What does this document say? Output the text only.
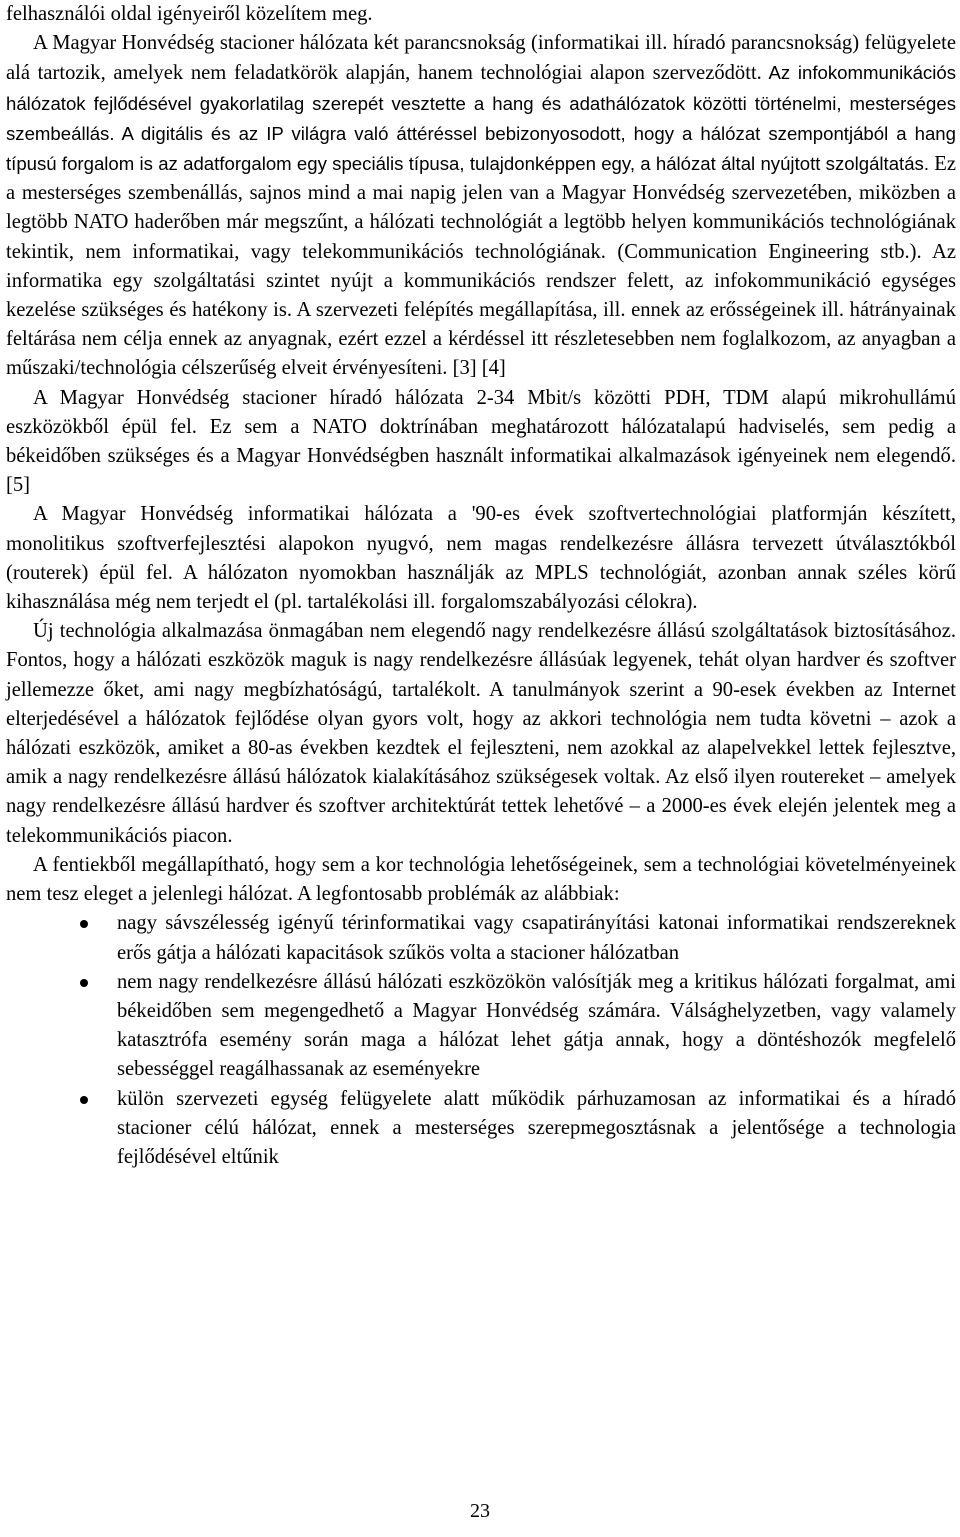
felhasználói oldal igényeiről közelítem meg.

A Magyar Honvédség stacioner hálózata két parancsnokság (informatikai ill. híradó parancsnokság) felügyelete alá tartozik, amelyek nem feladatkörök alapján, hanem technológiai alapon szerveződött. Az infokommunikációs hálózatok fejlődésével gyakorlatilag szerepét vesztette a hang és adathálózatok közötti történelmi, mesterséges szembeállás. A digitális és az IP világra való áttéréssel bebizonyosodott, hogy a hálózat szempontjából a hang típusú forgalom is az adatforgalom egy speciális típusa, tulajdonképpen egy, a hálózat által nyújtott szolgáltatás. Ez a mesterséges szembenállás, sajnos mind a mai napig jelen van a Magyar Honvédség szervezetében, miközben a legtöbb NATO haderőben már megszűnt, a hálózati technológiát a legtöbb helyen kommunikációs technológiának tekintik, nem informatikai, vagy telekommunikációs technológiának. (Communication Engineering stb.). Az informatika egy szolgáltatási szintet nyújt a kommunikációs rendszer felett, az infokommunikáció egységes kezelése szükséges és hatékony is. A szervezeti felépítés megállapítása, ill. ennek az erősségeinek ill. hátrányainak feltárása nem célja ennek az anyagnak, ezért ezzel a kérdéssel itt részletesebben nem foglalkozom, az anyagban a műszaki/technológia célszerűség elveit érvényesíteni. [3] [4]

A Magyar Honvédség stacioner híradó hálózata 2-34 Mbit/s közötti PDH, TDM alapú mikrohullámú eszközökből épül fel. Ez sem a NATO doktrínában meghatározott hálózatalapú hadviselés, sem pedig a békeidőben szükséges és a Magyar Honvédségben használt informatikai alkalmazások igényeinek nem elegendő. [5]

A Magyar Honvédség informatikai hálózata a '90-es évek szoftvertechnológiai platformján készített, monolitikus szoftverfejlesztési alapokon nyugvó, nem magas rendelkezésre állásra tervezett útválasztókból (routerek) épül fel. A hálózaton nyomokban használják az MPLS technológiát, azonban annak széles körű kihasználása még nem terjedt el (pl. tartalékolási ill. forgalomszabályozási célokra).

Új technológia alkalmazása önmagában nem elegendő nagy rendelkezésre állású szolgáltatások biztosításához. Fontos, hogy a hálózati eszközök maguk is nagy rendelkezésre állásúak legyenek, tehát olyan hardver és szoftver jellemezze őket, ami nagy megbízhatóságú, tartalékolt. A tanulmányok szerint a 90-esek években az Internet elterjedésével a hálózatok fejlődése olyan gyors volt, hogy az akkori technológia nem tudta követni – azok a hálózati eszközök, amiket a 80-as években kezdtek el fejleszteni, nem azokkal az alapelvekkel lettek fejlesztve, amik a nagy rendelkezésre állású hálózatok kialakításához szükségesek voltak. Az első ilyen routereket – amelyek nagy rendelkezésre állású hardver és szoftver architektúrát tettek lehetővé – a 2000-es évek elején jelentek meg a telekommunikációs piacon.

A fentiekből megállapítható, hogy sem a kor technológia lehetőségeinek, sem a technológiai követelményeinek nem tesz eleget a jelenlegi hálózat. A legfontosabb problémák az alábbiak:

nagy sávszélesség igényű térinformatikai vagy csapatirányítási katonai informatikai rendszereknek erős gátja a hálózati kapacitások szűkös volta a stacioner hálózatban
nem nagy rendelkezésre állású hálózati eszközökön valósítják meg a kritikus hálózati forgalmat, ami békeidőben sem megengedhető a Magyar Honvédség számára. Válsághelyzetben, vagy valamely katasztrófa esemény során maga a hálózat lehet gátja annak, hogy a döntéshozók megfelelő sebességgel reagálhassanak az eseményekre
külön szervezeti egység felügyelete alatt működik párhuzamosan az informatikai és a híradó stacioner célú hálózat, ennek a mesterséges szerepmegosztásnak a jelentősége a technologia fejlődésével eltűnik
23
